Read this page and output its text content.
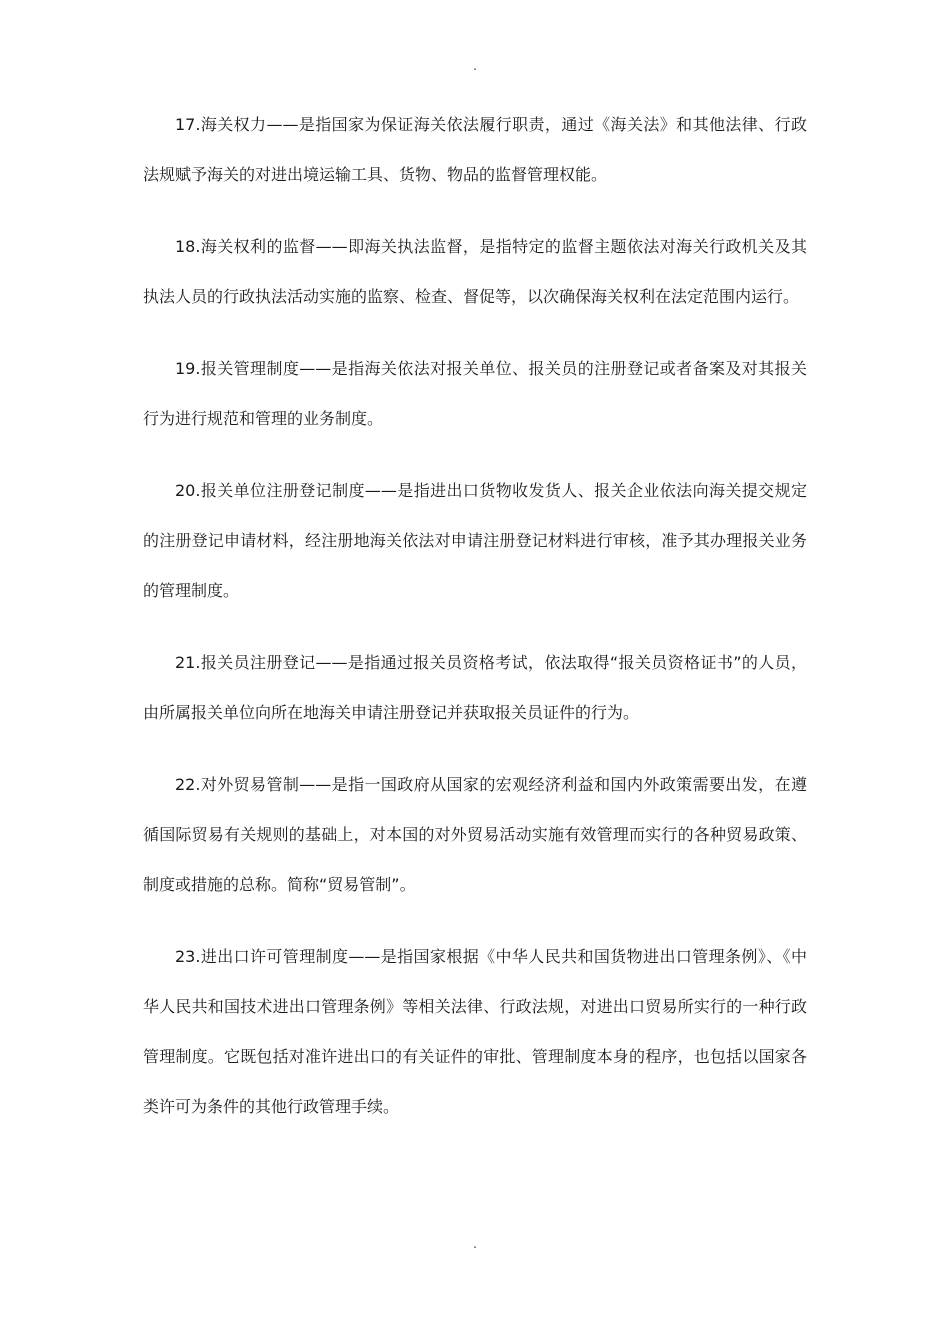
.

17.海关权力——是指国家为保证海关依法履行职责，通过《海关法》和其他法律、行政法规赋予海关的对进出境运输工具、货物、物品的监督管理权能。

18.海关权利的监督——即海关执法监督，是指特定的监督主题依法对海关行政机关及其执法人员的行政执法活动实施的监察、检查、督促等，以次确保海关权利在法定范围内运行。

19.报关管理制度——是指海关依法对报关单位、报关员的注册登记或者备案及对其报关行为进行规范和管理的业务制度。

20.报关单位注册登记制度——是指进出口货物收发货人、报关企业依法向海关提交规定的注册登记申请材料，经注册地海关依法对申请注册登记材料进行审核，准予其办理报关业务的管理制度。

21.报关员注册登记——是指通过报关员资格考试，依法取得“报关员资格证书”的人员，由所属报关单位向所在地海关申请注册登记并获取报关员证件的行为。

22.对外贸易管制——是指一国政府从国家的宏观经济利益和国内外政策需要出发，在遵循国际贸易有关规则的基础上，对本国的对外贸易活动实施有效管理而实行的各种贸易政策、制度或措施的总称。简称“贸易管制”。

23.进出口许可管理制度——是指国家根据《中华人民共和国货物进出口管理条例》、《中华人民共和国技术进出口管理条例》等相关法律、行政法规，对进出口贸易所实行的一种行政管理制度。它既包括对准许进出口的有关证件的审批、管理制度本身的程序，也包括以国家各类许可为条件的其他行政管理手续。

.
